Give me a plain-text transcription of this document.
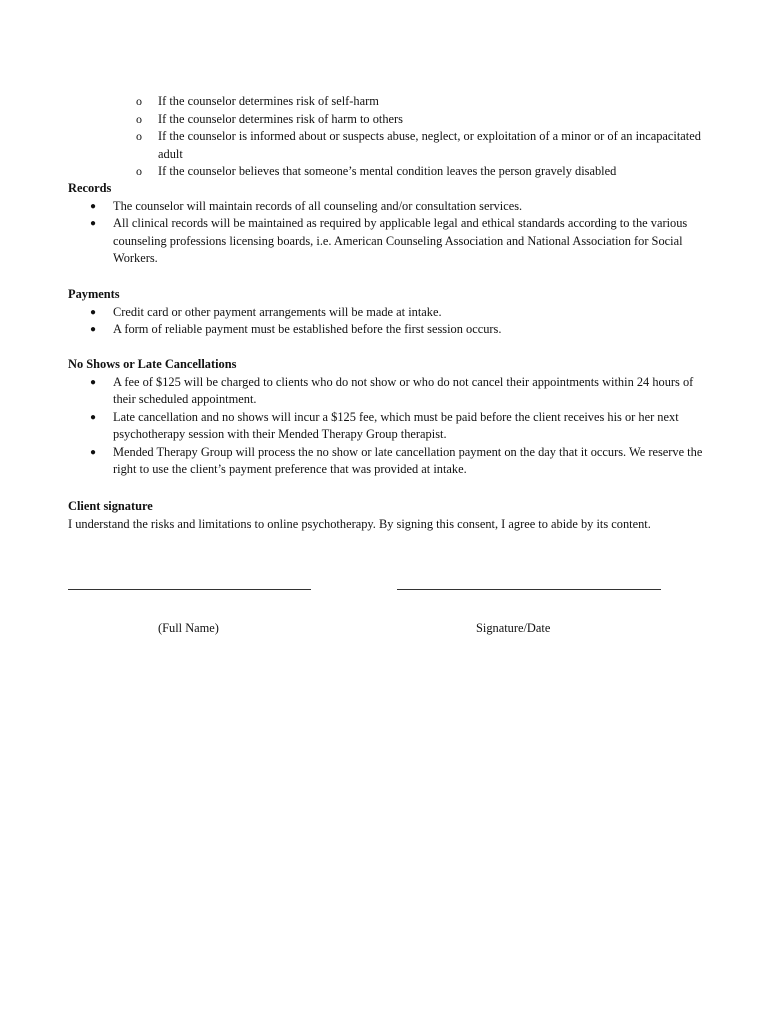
o If the counselor determines risk of self-harm
o If the counselor determines risk of harm to others
o If the counselor is informed about or suspects abuse, neglect, or exploitation of a minor or of an incapacitated adult
o If the counselor believes that someone’s mental condition leaves the person gravely disabled
Records
● The counselor will maintain records of all counseling and/or consultation services.
● All clinical records will be maintained as required by applicable legal and ethical standards according to the various counseling professions licensing boards, i.e. American Counseling Association and National Association for Social Workers.
Payments
● Credit card or other payment arrangements will be made at intake.
● A form of reliable payment must be established before the first session occurs.
No Shows or Late Cancellations
● A fee of $125 will be charged to clients who do not show or who do not cancel their appointments within 24 hours of their scheduled appointment.
● Late cancellation and no shows will incur a $125 fee, which must be paid before the client receives his or her next psychotherapy session with their Mended Therapy Group therapist.
● Mended Therapy Group will process the no show or late cancellation payment on the day that it occurs. We reserve the right to use the client’s payment preference that was provided at intake.
Client signature

I understand the risks and limitations to online psychotherapy. By signing this consent, I agree to abide by its content.

(Full Name)	Signature/Date
